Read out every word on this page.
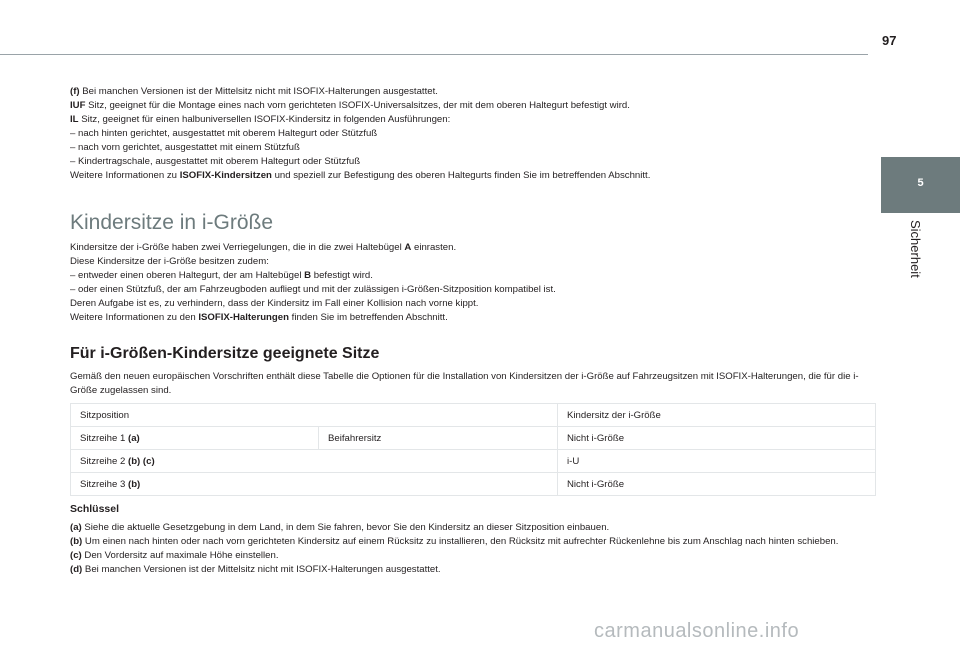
97
5
Sicherheit
(f) Bei manchen Versionen ist der Mittelsitz nicht mit ISOFIX-Halterungen ausgestattet.
IUF Sitz, geeignet für die Montage eines nach vorn gerichteten ISOFIX-Universalsitzes, der mit dem oberen Haltegurt befestigt wird.
IL Sitz, geeignet für einen halbuniversellen ISOFIX-Kindersitz in folgenden Ausführungen:
– nach hinten gerichtet, ausgestattet mit oberem Haltegurt oder Stützfuß
– nach vorn gerichtet, ausgestattet mit einem Stützfuß
– Kindertragschale, ausgestattet mit oberem Haltegurt oder Stützfuß
Weitere Informationen zu ISOFIX-Kindersitzen und speziell zur Befestigung des oberen Haltegurts finden Sie im betreffenden Abschnitt.
Kindersitze in i-Größe
Kindersitze der i-Größe haben zwei Verriegelungen, die in die zwei Haltebügel A einrasten.
Diese Kindersitze der i-Größe besitzen zudem:
– entweder einen oberen Haltegurt, der am Haltebügel B befestigt wird.
– oder einen Stützfuß, der am Fahrzeugboden aufliegt und mit der zulässigen i-Größen-Sitzposition kompatibel ist.
Deren Aufgabe ist es, zu verhindern, dass der Kindersitz im Fall einer Kollision nach vorne kippt.
Weitere Informationen zu den ISOFIX-Halterungen finden Sie im betreffenden Abschnitt.
Für i-Größen-Kindersitze geeignete Sitze
Gemäß den neuen europäischen Vorschriften enthält diese Tabelle die Optionen für die Installation von Kindersitzen der i-Größe auf Fahrzeugsitzen mit ISOFIX-Halterungen, die für die i-Größe zugelassen sind.
Sitzposition		Kindersitz der i-Größe
Sitzreihe 1 (a)	Beifahrersitz	Nicht i-Größe
Sitzreihe 2 (b) (c)		i-U
Sitzreihe 3 (b)		Nicht i-Größe
Schlüssel
(a) Siehe die aktuelle Gesetzgebung in dem Land, in dem Sie fahren, bevor Sie den Kindersitz an dieser Sitzposition einbauen.
(b) Um einen nach hinten oder nach vorn gerichteten Kindersitz auf einem Rücksitz zu installieren, den Rücksitz mit aufrechter Rückenlehne bis zum Anschlag nach hinten schieben.
(c) Den Vordersitz auf maximale Höhe einstellen.
(d) Bei manchen Versionen ist der Mittelsitz nicht mit ISOFIX-Halterungen ausgestattet.
carmanualsonline.info
